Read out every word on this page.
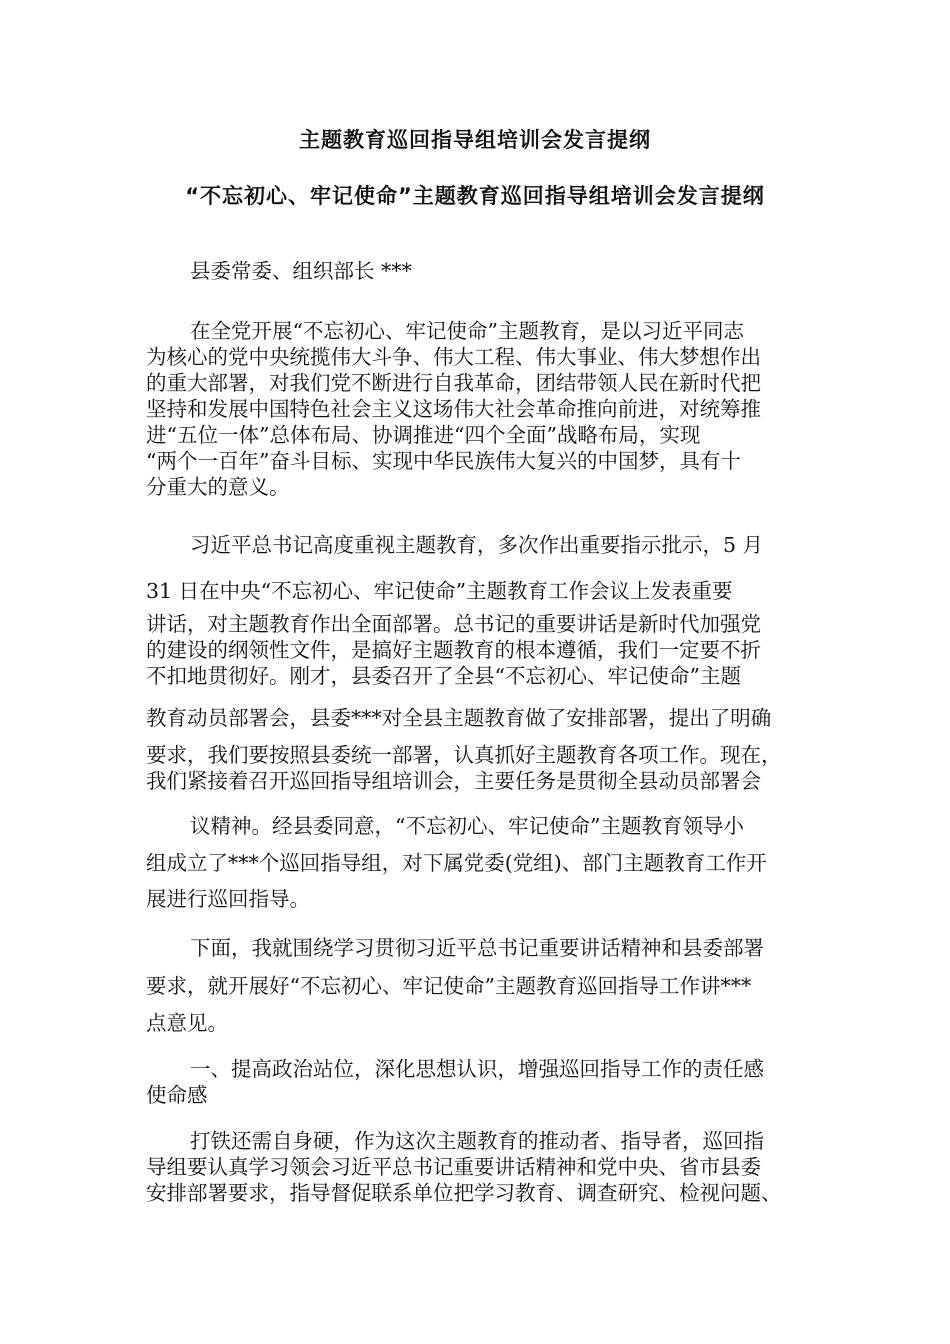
主题教育巡回指导组培训会发言提纲
“不忘初心、牢记使命”主题教育巡回指导组培训会发言提纲
县委常委、组织部长 ***
在全党开展“不忘初心、牢记使命”主题教育，是以习近平同志
为核心的党中央统揽伟大斗争、伟大工程、伟大事业、伟大梦想作出
的重大部署，对我们党不断进行自我革命，团结带领人民在新时代把
坚持和发展中国特色社会主义这场伟大社会革命推向前进，对统筹推
进“五位一体”总体布局、协调推进“四个全面”战略布局，实现
“两个一百年”奋斗目标、实现中华民族伟大复兴的中国梦，具有十
分重大的意义。
习近平总书记高度重视主题教育，多次作出重要指示批示，5 月
31 日在中央“不忘初心、牢记使命”主题教育工作会议上发表重要
讲话，对主题教育作出全面部署。总书记的重要讲话是新时代加强党
的建设的纲领性文件，是搞好主题教育的根本遵循，我们一定要不折
不扣地贯彻好。刚才，县委召开了全县“不忘初心、牢记使命”主题
教育动员部署会，县委***对全县主题教育做了安排部署，提出了明确
要求，我们要按照县委统一部署，认真抓好主题教育各项工作。现在，
我们紧接着召开巡回指导组培训会，主要任务是贯彻全县动员部署会
议精神。经县委同意，“不忘初心、牢记使命”主题教育领导小
组成立了***个巡回指导组，对下属党委(党组)、部门主题教育工作开
展进行巡回指导。
下面，我就围绕学习贯彻习近平总书记重要讲话精神和县委部署
要求，就开展好“不忘初心、牢记使命”主题教育巡回指导工作讲***
点意见。
一、提高政治站位，深化思想认识，增强巡回指导工作的责任感
使命感
打铁还需自身硬，作为这次主题教育的推动者、指导者，巡回指
导组要认真学习领会习近平总书记重要讲话精神和党中央、省市县委
安排部署要求，指导督促联系单位把学习教育、调查研究、检视问题、
